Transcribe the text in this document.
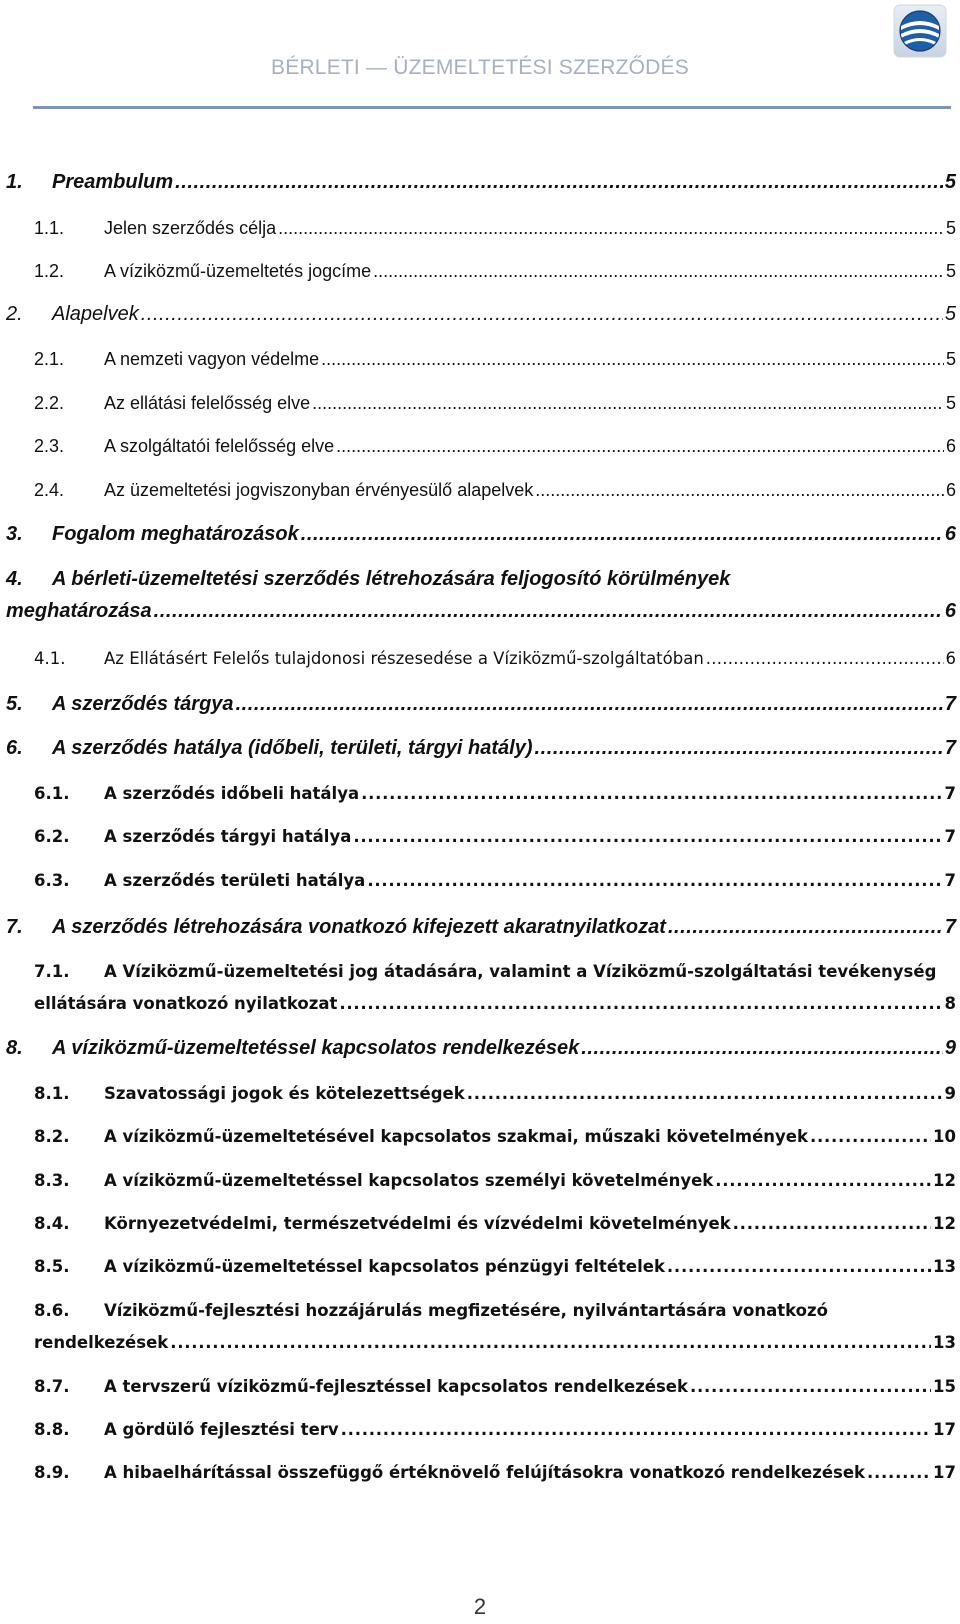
BÉRLETI — ÜZEMELTETÉSI SZERZŐDÉS
1.	Preambulum . . .	5
1.1.	Jelen szerződés célja . . .	5
1.2.	A víziközmű-üzemeltetés jogcíme . . .	5
2.	Alapelvek . . .	5
2.1.	A nemzeti vagyon védelme . . .	5
2.2.	Az ellátási felelősség elve . . .	5
2.3.	A szolgáltatói felelősség elve . . .	6
2.4.	Az üzemeltetési jogviszonyban érvényesülő alapelvek . . .	6
3.	Fogalom meghatározások . . .	6
4.	A bérleti-üzemeltetési szerződés létrehozására feljogosító körülmények
meghatározása . . .	6
4.1.	Az Ellátásért Felelős tulajdonosi részesedése a Víziközmű-szolgáltatóban . . .	6
5.	A szerződés tárgya . . .	7
6.	A szerződés hatálya (időbeli, területi, tárgyi hatály) . . .	7
6.1.	A szerződés időbeli hatálya . . .	7
6.2.	A szerződés tárgyi hatálya . . .	7
6.3.	A szerződés területi hatálya . . .	7
7.	A szerződés létrehozására vonatkozó kifejezett akaratnyilatkozat . . .	7
7.1.	A Víziközmű-üzemeltetési jog átadására, valamint a Víziközmű-szolgáltatási tevékenység
ellátására vonatkozó nyilatkozat . . .	8
8.	A víziközmű-üzemeltetéssel kapcsolatos rendelkezések . . .	9
8.1.	Szavatossági jogok és kötelezettségek . . .	9
8.2.	A víziközmű-üzemeltetésével kapcsolatos szakmai, műszaki követelmények . . .	10
8.3.	A víziközmű-üzemeltetéssel kapcsolatos személyi követelmények . . .	12
8.4.	Környezetvédelmi, természetvédelmi és vízvédelmi követelmények . . .	12
8.5.	A víziközmű-üzemeltetéssel kapcsolatos pénzügyi feltételek . . .	13
8.6.	Víziközmű-fejlesztési hozzájárulás megfizetésére, nyilvántartására vonatkozó
rendelkezések . . .	13
8.7.	A tervszerű víziközmű-fejlesztéssel kapcsolatos rendelkezések . . .	15
8.8.	A gördülő fejlesztési terv . . .	17
8.9.	A hibaelhárítással összefüggő értéknövelő felújításokra vonatkozó rendelkezések . . .	17
2
